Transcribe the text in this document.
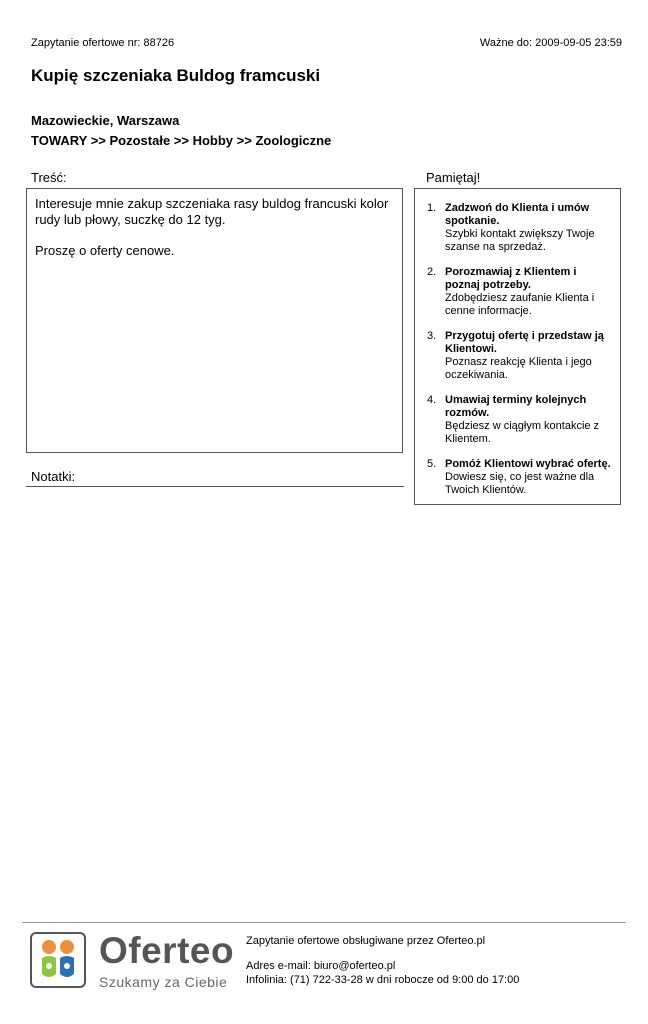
Zapytanie ofertowe nr: 88726	Ważne do: 2009-09-05 23:59
Kupię szczeniaka Buldog framcuski
Mazowieckie, Warszawa
TOWARY >> Pozostałe >> Hobby >> Zoologiczne
Treść:

Interesuje mnie zakup szczeniaka rasy buldog francuski kolor rudy lub płowy, suczkę do 12 tyg.

Proszę o oferty cenowe.

Notatki:
Pamiętaj!
1. Zadzwoń do Klienta i umów spotkanie.
Szybki kontakt zwiększy Twoje szanse na sprzedaż.
2. Porozmawiaj z Klientem i poznaj potrzeby.
Zdobędziesz zaufanie Klienta i cenne informacje.
3. Przygotuj ofertę i przedstaw ją Klientowi.
Poznasz reakcję Klienta i jego oczekiwania.
4. Umawiaj terminy kolejnych rozmów.
Będziesz w ciągłym kontakcie z Klientem.
5. Pomóż Klientowi wybrać ofertę.
Dowiesz się, co jest ważne dla Twoich Klientów.
Oferteo
Szukamy za Ciebie
Zapytanie ofertowe obsługiwane przez Oferteo.pl
Adres e-mail: biuro@oferteo.pl
Infolinia: (71) 722-33-28 w dni robocze od 9:00 do 17:00
